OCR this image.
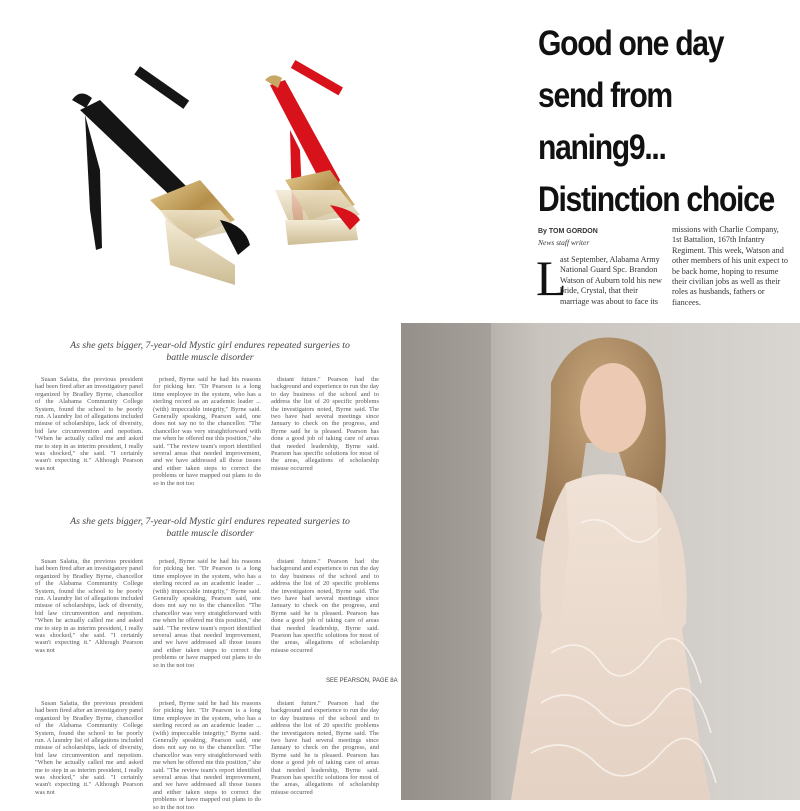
Good one day
send from
naning9...
Distinction choice
By TOM GORDON
News staff writer
L
ast September, Alabama Army National Guard Spc. Brandon Watson of Auburn told his new bride, Crystal, that their marriage was about to face its
missions with Charlie Company, 1st Battalion, 167th Infantry Regiment. This week, Watson and other members of his unit expect to be back home, hoping to resume their civilian jobs as well as their roles as husbands, fathers or fiancees.
As she gets bigger, 7-year-old Mystic girl endures repeated surgeries to battle muscle disorder

Susan Salatta, the previous president had been fired after an investigatory panel organized by Bradley Byrne, chancellor of the Alabama Community College System, found the school to be poorly run. A laundry list of allegations included misuse of scholarships, lack of diversity, bid law circumvention and nepotism. "When he actually called me and asked me to step in as interim president, I really was shocked," she said. "I certainly wasn't expecting it." Although Pearson was not

prised, Byrne said he had his reasons for picking her. "Dr Pearson is a long time employee in the system, who has a sterling record as an academic leader ... (with) impeccable integrity," Byrne said. Generally speaking, Pearson said, one does not say no to the chancellor. "The chancellor was very straightforward with me when he offered me this position," she said. "The review team's report identified several areas that needed improvement, and we have addressed all those issues and either taken steps to correct the problems or have mapped out plans to do so in the not too

distant future." Pearson had the background and experience to run the day to day business of the school and to address the list of 20 specific problems the investigators noted, Byrne said. The two have had several meetings since January to check on the progress, and Byrne said he is pleased. Pearson has done a good job of taking care of areas that needed leadership, Byrne said. Pearson has specific solutions for most of the areas, allegations of scholarship misuse occurred

As she gets bigger, 7-year-old Mystic girl endures repeated surgeries to battle muscle disorder

Susan Salatta, the previous president had been fired after an investigatory panel organized by Bradley Byrne, chancellor of the Alabama Community College System, found the school to be poorly run. A laundry list of allegations included misuse of scholarships, lack of diversity, bid law circumvention and nepotism. "When he actually called me and asked me to step in as interim president, I really was shocked," she said. "I certainly wasn't expecting it." Although Pearson was not

prised, Byrne said he had his reasons for picking her. "Dr Pearson is a long time employee in the system, who has a sterling record as an academic leader ... (with) impeccable integrity," Byrne said. Generally speaking, Pearson said, one does not say no to the chancellor. "The chancellor was very straightforward with me when he offered me this position," she said. "The review team's report identified several areas that needed improvement, and we have addressed all those issues and either taken steps to correct the problems or have mapped out plans to do so in the not too

distant future." Pearson had the background and experience to run the day to day business of the school and to address the list of 20 specific problems the investigators noted, Byrne said. The two have had several meetings since January to check on the progress, and Byrne said he is pleased. Pearson has done a good job of taking care of areas that needed leadership, Byrne said. Pearson has specific solutions for most of the areas, allegations of scholarship misuse occurred

SEE PEARSON, PAGE 8A

Susan Salatta, the previous president had been fired after an investigatory panel organized by Bradley Byrne, chancellor of the Alabama Community College System, found the school to be poorly run. A laundry list of allegations included misuse of scholarships, lack of diversity, bid law circumvention and nepotism. "When he actually called me and asked me to step in as interim president, I really was shocked," she said. "I certainly wasn't expecting it." Although Pearson was not

prised, Byrne said he had his reasons for picking her. "Dr Pearson is a long time employee in the system, who has a sterling record as an academic leader ... (with) impeccable integrity," Byrne said. Generally speaking, Pearson said, one does not say no to the chancellor. "The chancellor was very straightforward with me when he offered me this position," she said. "The review team's report identified several areas that needed improvement, and we have addressed all those issues and either taken steps to correct the problems or have mapped out plans to do so in the not too

distant future." Pearson had the background and experience to run the day to day business of the school and to address the list of 20 specific problems the investigators noted, Byrne said. The two have had several meetings since January to check on the progress, and Byrne said he is pleased. Pearson has done a good job of taking care of areas that needed leadership, Byrne said. Pearson has specific solutions for most of the areas, allegations of scholarship misuse occurred
